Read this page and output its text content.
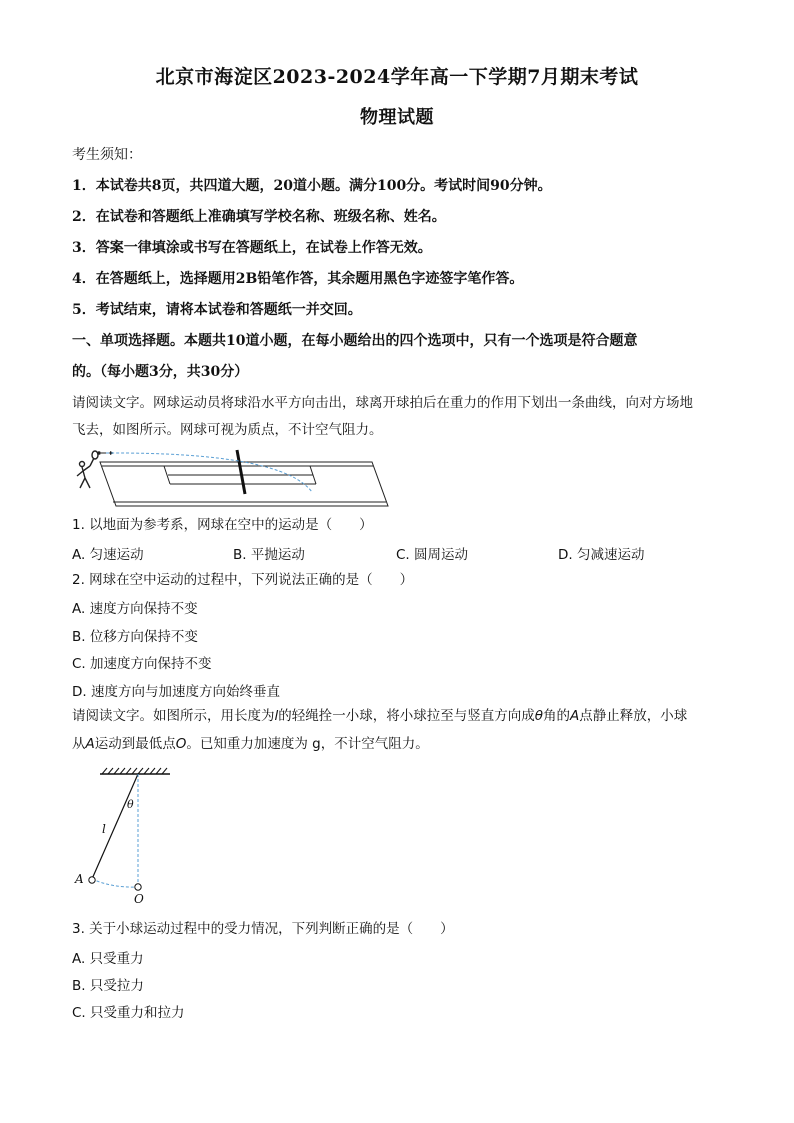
北京市海淀区2023-2024学年高一下学期7月期末考试
物理试题
考生须知：
1．本试卷共8页，共四道大题，20道小题。满分100分。考试时间90分钟。
2．在试卷和答题纸上准确填写学校名称、班级名称、姓名。
3．答案一律填涂或书写在答题纸上，在试卷上作答无效。
4．在答题纸上，选择题用2B铅笔作答，其余题用黑色字迹签字笔作答。
5．考试结束，请将本试卷和答题纸一并交回。
一、单项选择题。本题共10道小题，在每小题给出的四个选项中，只有一个选项是符合题意
的。（每小题3分，共30分）
请阅读文字。网球运动员将球沿水平方向击出，球离开球拍后在重力的作用下划出一条曲线，向对方场地
飞去，如图所示。网球可视为质点，不计空气阻力。
1. 以地面为参考系，网球在空中的运动是（　　）
A. 匀速运动	B. 平抛运动	C. 圆周运动	D. 匀减速运动
2. 网球在空中运动的过程中，下列说法正确的是（　　）
A. 速度方向保持不变
B. 位移方向保持不变
C. 加速度方向保持不变
D. 速度方向与加速度方向始终垂直
请阅读文字。如图所示，用长度为l的轻绳拴一小球，将小球拉至与竖直方向成θ角的A点静止释放，小球
从A运动到最低点O。已知重力加速度为 g，不计空气阻力。
θ
l
A
O
3. 关于小球运动过程中的受力情况，下列判断正确的是（　　）
A. 只受重力
B. 只受拉力
C. 只受重力和拉力
